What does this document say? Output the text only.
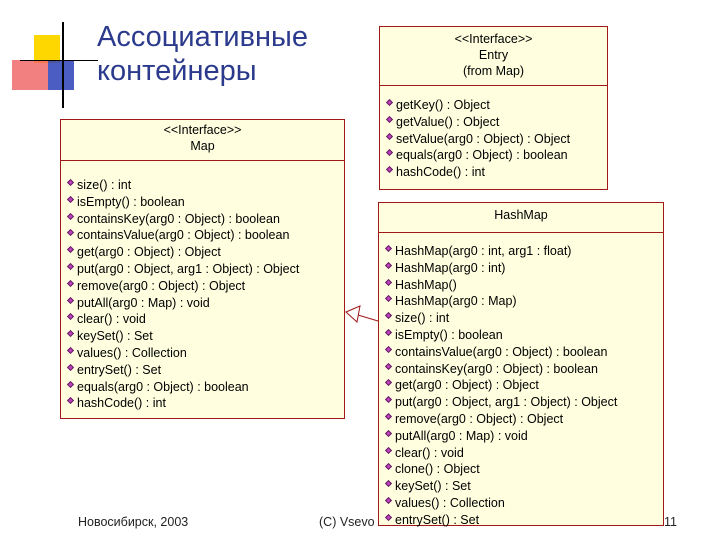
Ассоциативные
контейнеры
<<Interface>>
Map
size() : int
isEmpty() : boolean
containsKey(arg0 : Object) : boolean
containsValue(arg0 : Object) : boolean
get(arg0 : Object) : Object
put(arg0 : Object, arg1 : Object) : Object
remove(arg0 : Object) : Object
putAll(arg0 : Map) : void
clear() : void
keySet() : Set
values() : Collection
entrySet() : Set
equals(arg0 : Object) : boolean
hashCode() : int
<<Interface>>
Entry
(from Map)
getKey() : Object
getValue() : Object
setValue(arg0 : Object) : Object
equals(arg0 : Object) : boolean
hashCode() : int
HashMap
HashMap(arg0 : int, arg1 : float)
HashMap(arg0 : int)
HashMap()
HashMap(arg0 : Map)
size() : int
isEmpty() : boolean
containsValue(arg0 : Object) : boolean
containsKey(arg0 : Object) : boolean
get(arg0 : Object) : Object
put(arg0 : Object, arg1 : Object) : Object
remove(arg0 : Object) : Object
putAll(arg0 : Map) : void
clear() : void
clone() : Object
keySet() : Set
values() : Collection
entrySet() : Set
Новосибирск, 2003	(C) Vsevo	11
